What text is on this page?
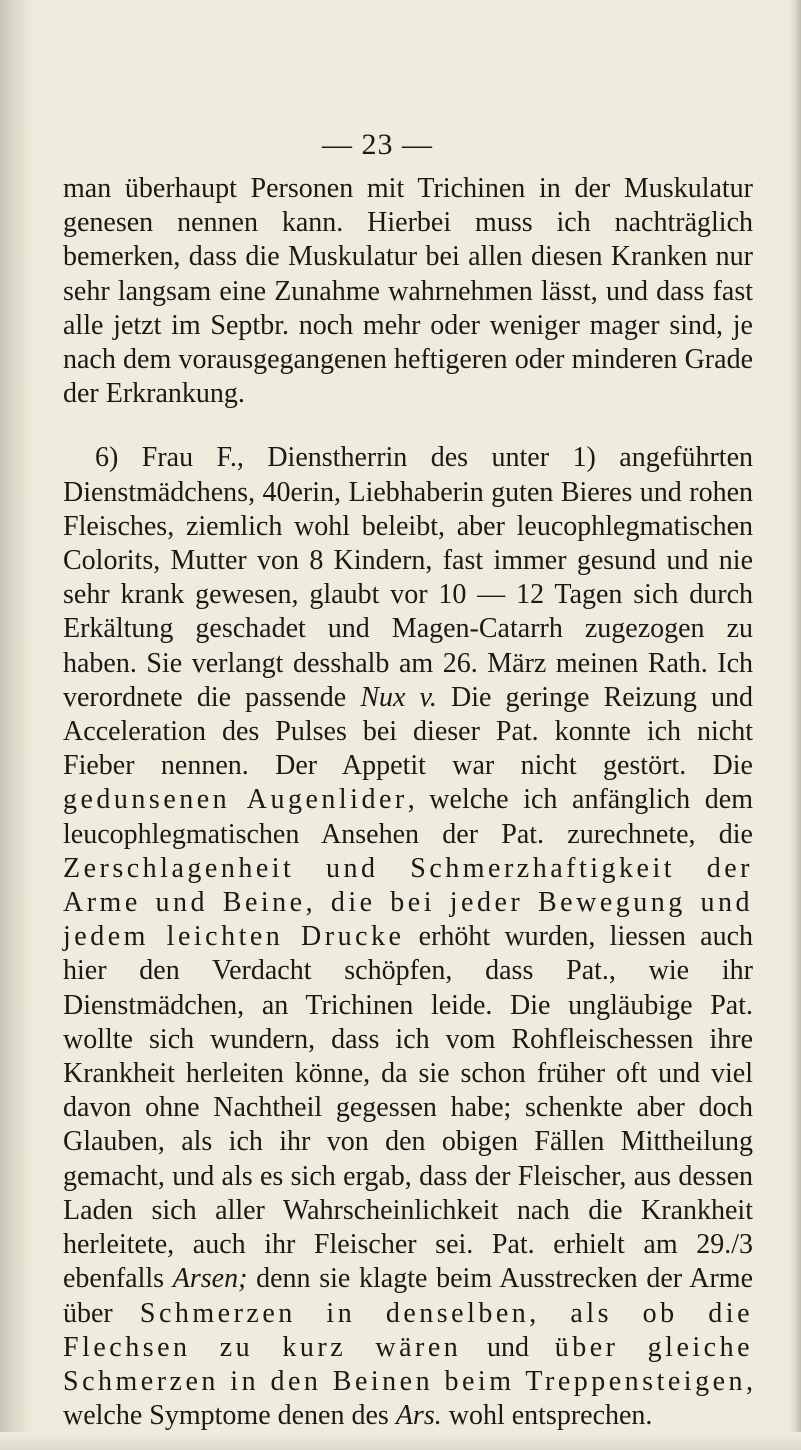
— 23 —

man überhaupt Personen mit Trichinen in der Muskulatur genesen nennen kann. Hierbei muss ich nachträglich bemerken, dass die Muskulatur bei allen diesen Kranken nur sehr langsam eine Zunahme wahrnehmen lässt, und dass fast alle jetzt im Septbr. noch mehr oder weniger mager sind, je nach dem vorausgegangenen heftigeren oder minderen Grade der Erkrankung.

6) Frau F., Dienstherrin des unter 1) angeführten Dienstmädchens, 40erin, Liebhaberin guten Bieres und rohen Fleisches, ziemlich wohl beleibt, aber leucophlegmatischen Colorits, Mutter von 8 Kindern, fast immer gesund und nie sehr krank gewesen, glaubt vor 10 — 12 Tagen sich durch Erkältung geschadet und Magen-Catarrh zugezogen zu haben. Sie verlangt desshalb am 26. März meinen Rath. Ich verordnete die passende Nux v. Die geringe Reizung und Acceleration des Pulses bei dieser Pat. konnte ich nicht Fieber nennen. Der Appetit war nicht gestört. Die gedunsenen Augenlider, welche ich anfänglich dem leucophlegmatischen Ansehen der Pat. zurechnete, die Zerschlagenheit und Schmerzhaftigkeit der Arme und Beine, die bei jeder Bewegung und jedem leichten Drucke erhöht wurden, liessen auch hier den Verdacht schöpfen, dass Pat., wie ihr Dienstmädchen, an Trichinen leide. Die ungläubige Pat. wollte sich wundern, dass ich vom Rohfleischessen ihre Krankheit herleiten könne, da sie schon früher oft und viel davon ohne Nachtheil gegessen habe; schenkte aber doch Glauben, als ich ihr von den obigen Fällen Mittheilung gemacht, und als es sich ergab, dass der Fleischer, aus dessen Laden sich aller Wahrscheinlichkeit nach die Krankheit herleitete, auch ihr Fleischer sei. Pat. erhielt am 29./3 ebenfalls Arsen; denn sie klagte beim Ausstrecken der Arme über Schmerzen in denselben, als ob die Flechsen zu kurz wären und über gleiche Schmerzen in den Beinen beim Treppensteigen, welche Symptome denen des Ars. wohl entsprechen.
